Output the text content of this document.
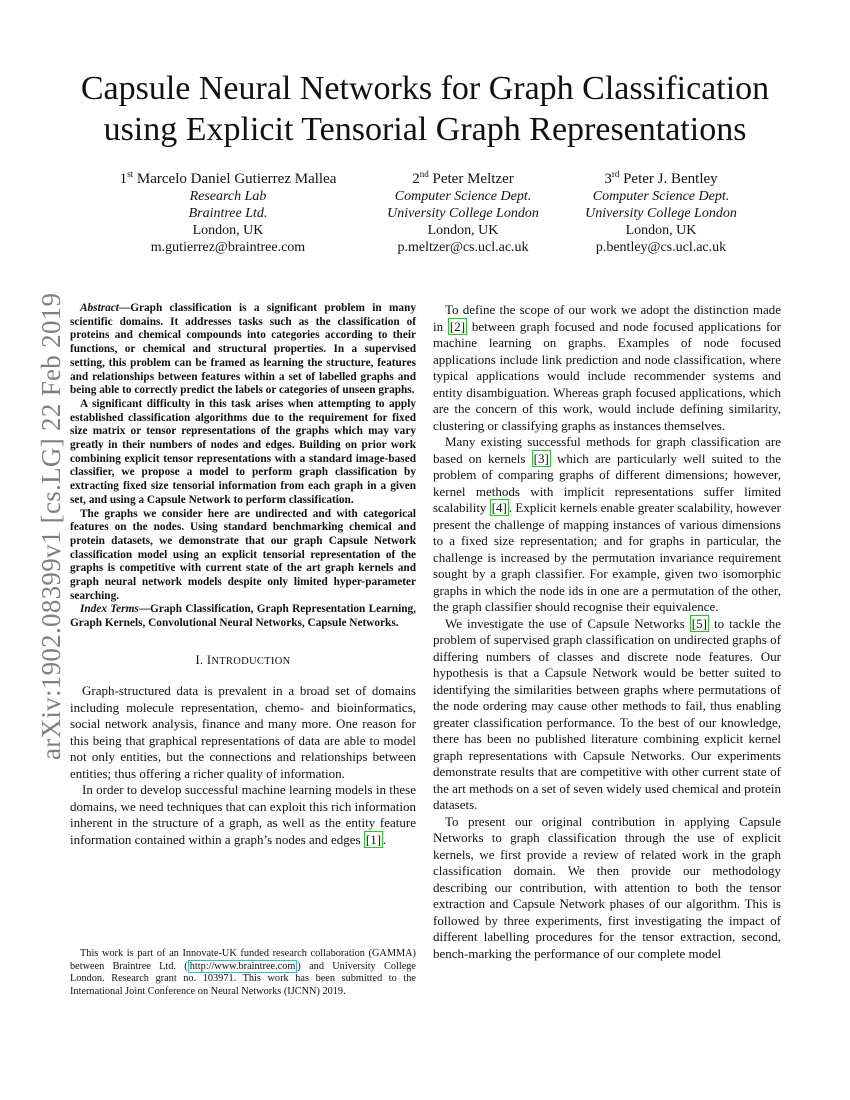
arXiv:1902.08399v1 [cs.LG] 22 Feb 2019
Capsule Neural Networks for Graph Classification
using Explicit Tensorial Graph Representations
1st Marcelo Daniel Gutierrez Mallea
Research Lab
Braintree Ltd.
London, UK
m.gutierrez@braintree.com
2nd Peter Meltzer
Computer Science Dept.
University College London
London, UK
p.meltzer@cs.ucl.ac.uk
3rd Peter J. Bentley
Computer Science Dept.
University College London
London, UK
p.bentley@cs.ucl.ac.uk

Abstract—Graph classification is a significant problem in many scientific domains. It addresses tasks such as the classification of proteins and chemical compounds into categories according to their functions, or chemical and structural properties. In a supervised setting, this problem can be framed as learning the structure, features and relationships between features within a set of labelled graphs and being able to correctly predict the labels or categories of unseen graphs.

A significant difficulty in this task arises when attempting to apply established classification algorithms due to the requirement for fixed size matrix or tensor representations of the graphs which may vary greatly in their numbers of nodes and edges. Building on prior work combining explicit tensor representations with a standard image-based classifier, we propose a model to perform graph classification by extracting fixed size tensorial information from each graph in a given set, and using a Capsule Network to perform classification.

The graphs we consider here are undirected and with categorical features on the nodes. Using standard benchmarking chemical and protein datasets, we demonstrate that our graph Capsule Network classification model using an explicit tensorial representation of the graphs is competitive with current state of the art graph kernels and graph neural network models despite only limited hyper-parameter searching.

Index Terms—Graph Classification, Graph Representation Learning, Graph Kernels, Convolutional Neural Networks, Capsule Networks.

I. INTRODUCTION

Graph-structured data is prevalent in a broad set of domains including molecule representation, chemo- and bioinformatics, social network analysis, finance and many more. One reason for this being that graphical representations of data are able to model not only entities, but the connections and relationships between entities; thus offering a richer quality of information.

In order to develop successful machine learning models in these domains, we need techniques that can exploit this rich information inherent in the structure of a graph, as well as the entity feature information contained within a graph’s nodes and edges [1] .

This work is part of an Innovate-UK funded research collaboration (GAMMA) between Braintree Ltd. ( http://www.braintree.com ) and University College London. Research grant no. 103971. This work has been submitted to the International Joint Conference on Neural Networks (IJCNN) 2019.

To define the scope of our work we adopt the distinction made in [2] between graph focused and node focused applications for machine learning on graphs. Examples of node focused applications include link prediction and node classification, where typical applications would include recommender systems and entity disambiguation. Whereas graph focused applications, which are the concern of this work, would include defining similarity, clustering or classifying graphs as instances themselves.

Many existing successful methods for graph classification are based on kernels [3] which are particularly well suited to the problem of comparing graphs of different dimensions; however, kernel methods with implicit representations suffer limited scalability [4] . Explicit kernels enable greater scalability, however present the challenge of mapping instances of various dimensions to a fixed size representation; and for graphs in particular, the challenge is increased by the permutation invariance requirement sought by a graph classifier. For example, given two isomorphic graphs in which the node ids in one are a permutation of the other, the graph classifier should recognise their equivalence.

We investigate the use of Capsule Networks [5] to tackle the problem of supervised graph classification on undirected graphs of differing numbers of classes and discrete node features. Our hypothesis is that a Capsule Network would be better suited to identifying the similarities between graphs where permutations of the node ordering may cause other methods to fail, thus enabling greater classification performance. To the best of our knowledge, there has been no published literature combining explicit kernel graph representations with Capsule Networks. Our experiments demonstrate results that are competitive with other current state of the art methods on a set of seven widely used chemical and protein datasets.

To present our original contribution in applying Capsule Networks to graph classification through the use of explicit kernels, we first provide a review of related work in the graph classification domain. We then provide our methodology describing our contribution, with attention to both the tensor extraction and Capsule Network phases of our algorithm. This is followed by three experiments, first investigating the impact of different labelling procedures for the tensor extraction, second, bench-marking the performance of our complete model
